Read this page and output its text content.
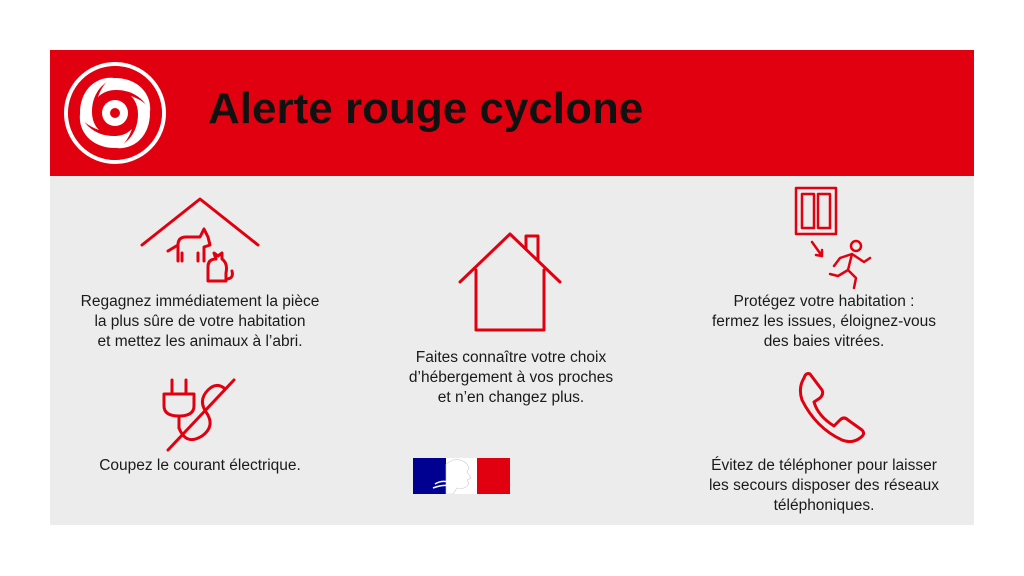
Alerte rouge cyclone
Regagnez immédiatement la pièce
la plus sûre de votre habitation
et mettez les animaux à l’abri.
Faites connaître votre choix
d’hébergement à vos proches
et n’en changez plus.
Protégez votre habitation :
fermez les issues, éloignez-vous
des baies vitrées.
Coupez le courant électrique.	Évitez de téléphoner pour laisser
les secours disposer des réseaux
téléphoniques.
